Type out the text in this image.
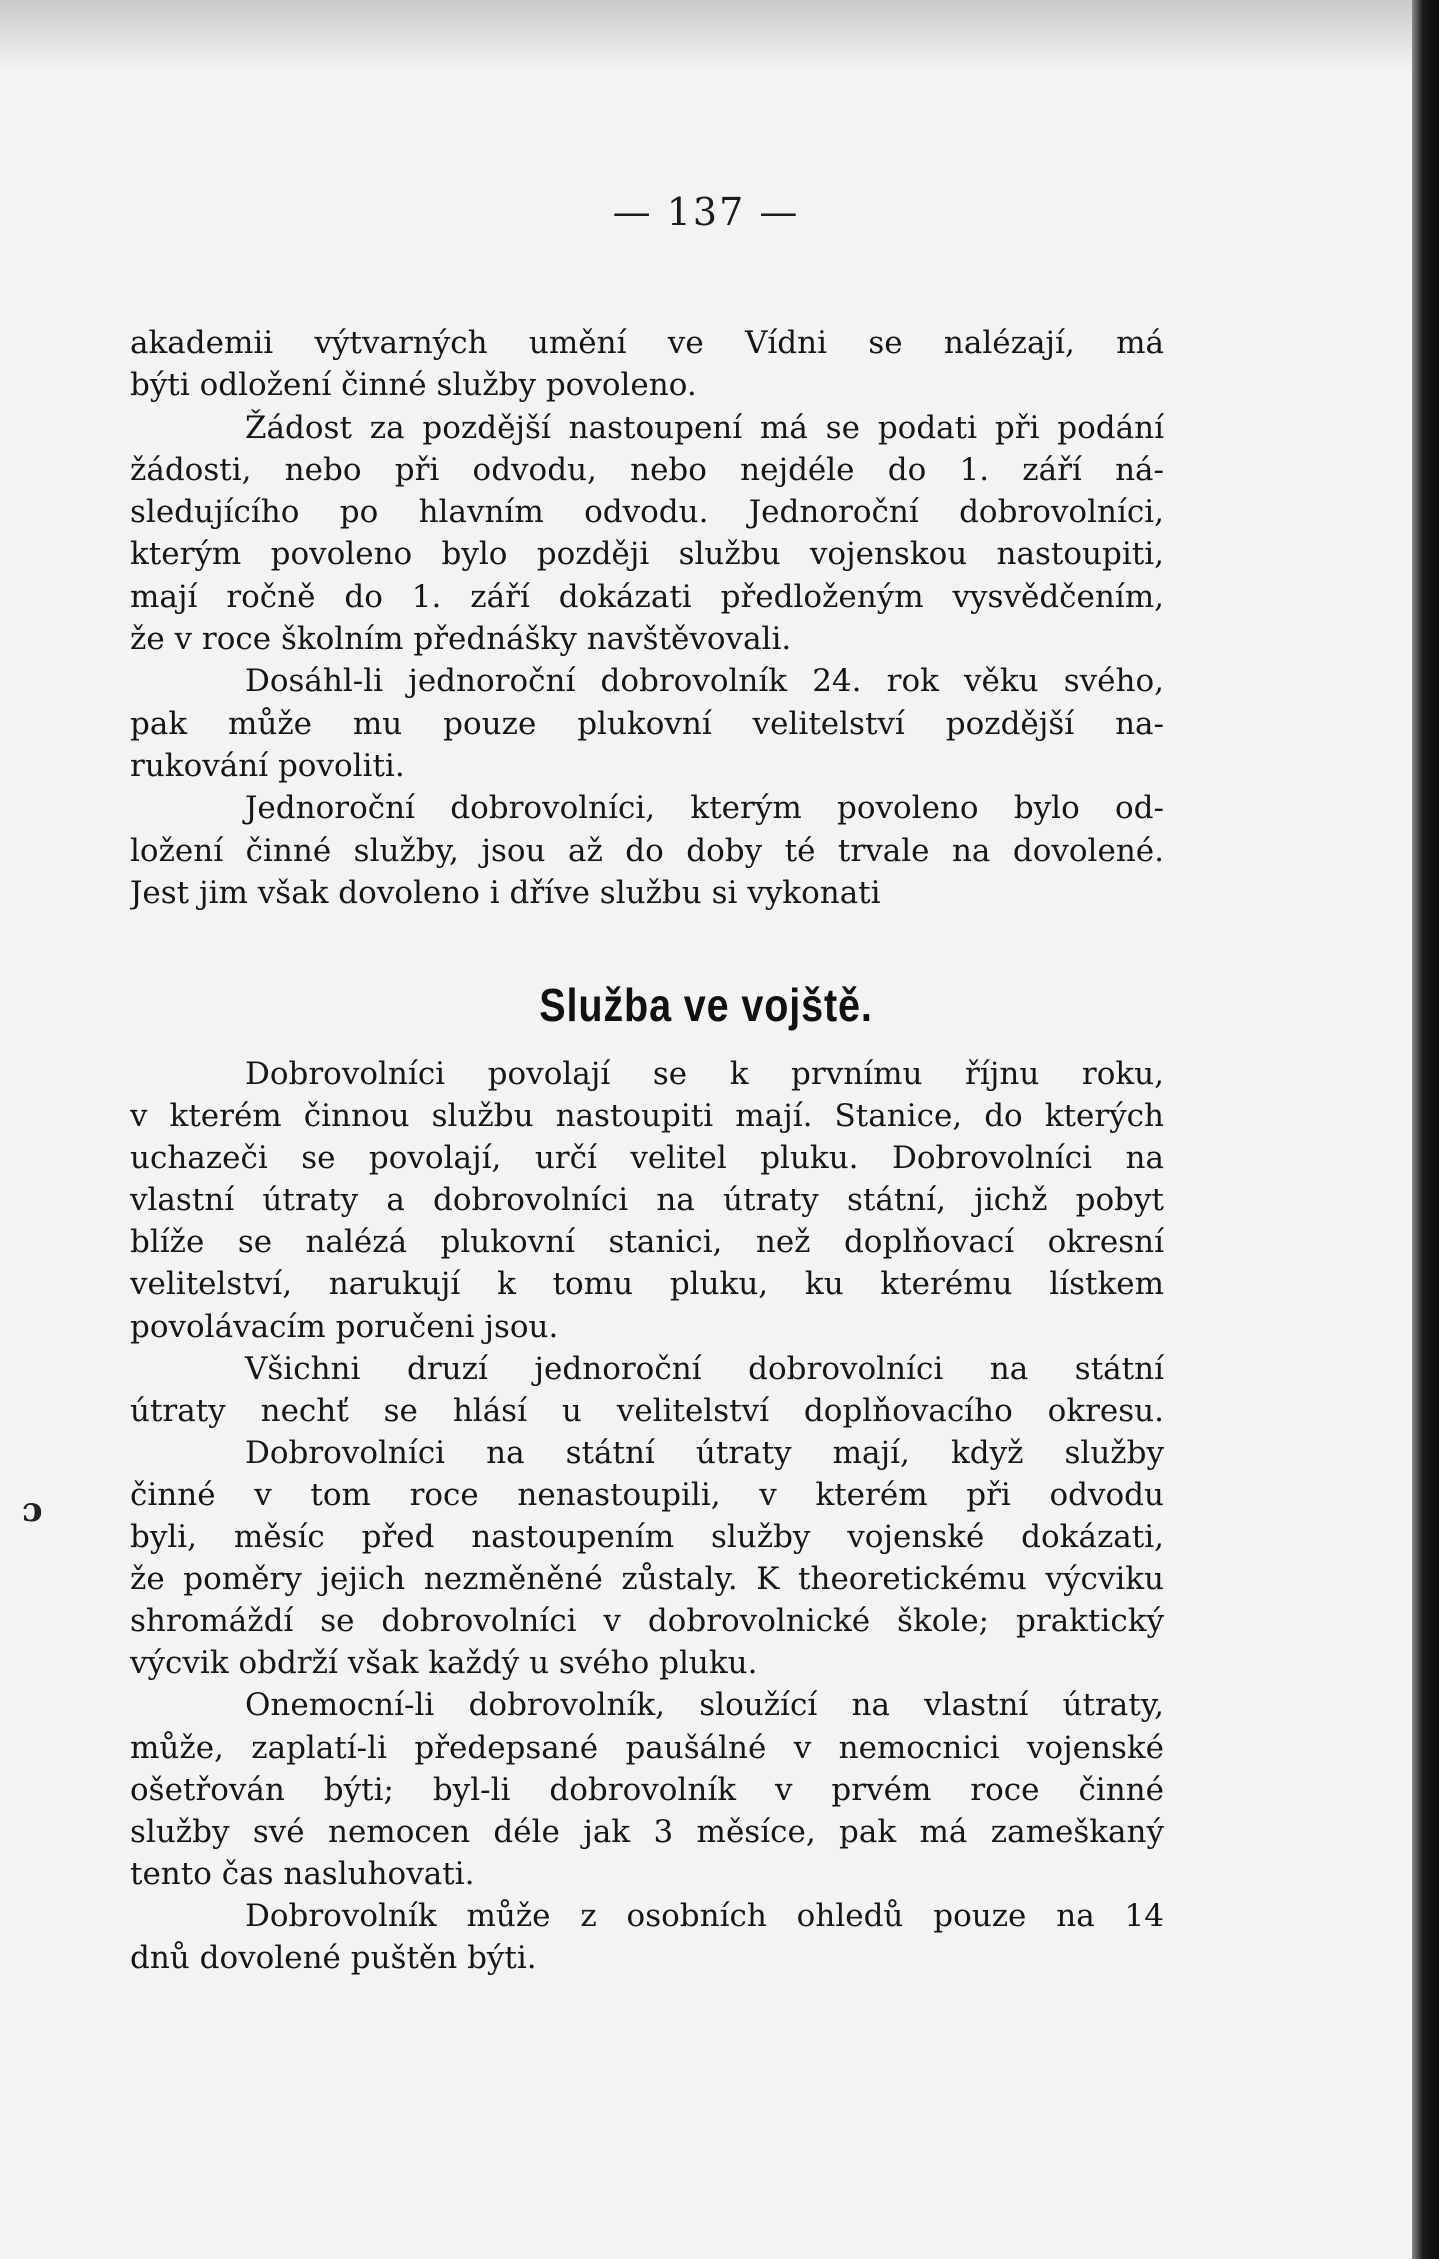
— 137 —
akademii výtvarných umění ve Vídni se nalézají, má
býti odložení činné služby povoleno.
Žádost za pozdější nastoupení má se podati při podání
žádosti, nebo při odvodu, nebo nejdéle do 1. září ná-
sledujícího po hlavním odvodu. Jednoroční dobrovolníci,
kterým povoleno bylo později službu vojenskou nastoupiti,
mají ročně do 1. září dokázati předloženým vysvědčením,
že v roce školním přednášky navštěvovali.
Dosáhl-li jednoroční dobrovolník 24. rok věku svého,
pak může mu pouze plukovní velitelství pozdější na-
rukování povoliti.
Jednoroční dobrovolníci, kterým povoleno bylo od-
ložení činné služby, jsou až do doby té trvale na dovolené.
Jest jim však dovoleno i dříve službu si vykonati
Služba ve vojště.
Dobrovolníci povolají se k prvnímu říjnu roku,
v kterém činnou službu nastoupiti mají. Stanice, do kterých
uchazeči se povolají, určí velitel pluku. Dobrovolníci na
vlastní útraty a dobrovolníci na útraty státní, jichž pobyt
blíže se nalézá plukovní stanici, než doplňovací okresní
velitelství, narukují k tomu pluku, ku kterému lístkem
povolávacím poručeni jsou.
Všichni druzí jednoroční dobrovolníci na státní
útraty nechť se hlásí u velitelství doplňovacího okresu.
Dobrovolníci na státní útraty mají, když služby
činné v tom roce nenastoupili, v kterém při odvodu
byli, měsíc před nastoupením služby vojenské dokázati,
že poměry jejich nezměněné zůstaly. K theoretickému výcviku
shromáždí se dobrovolníci v dobrovolnické škole; praktický
výcvik obdrží však každý u svého pluku.
Onemocní-li dobrovolník, sloužící na vlastní útraty,
může, zaplatí-li předepsané paušálné v nemocnici vojenské
ošetřován býti; byl-li dobrovolník v prvém roce činné
služby své nemocen déle jak 3 měsíce, pak má zameškaný
tento čas nasluhovati.
Dobrovolník může z osobních ohledů pouze na 14
dnů dovolené puštěn býti.
ɔ
